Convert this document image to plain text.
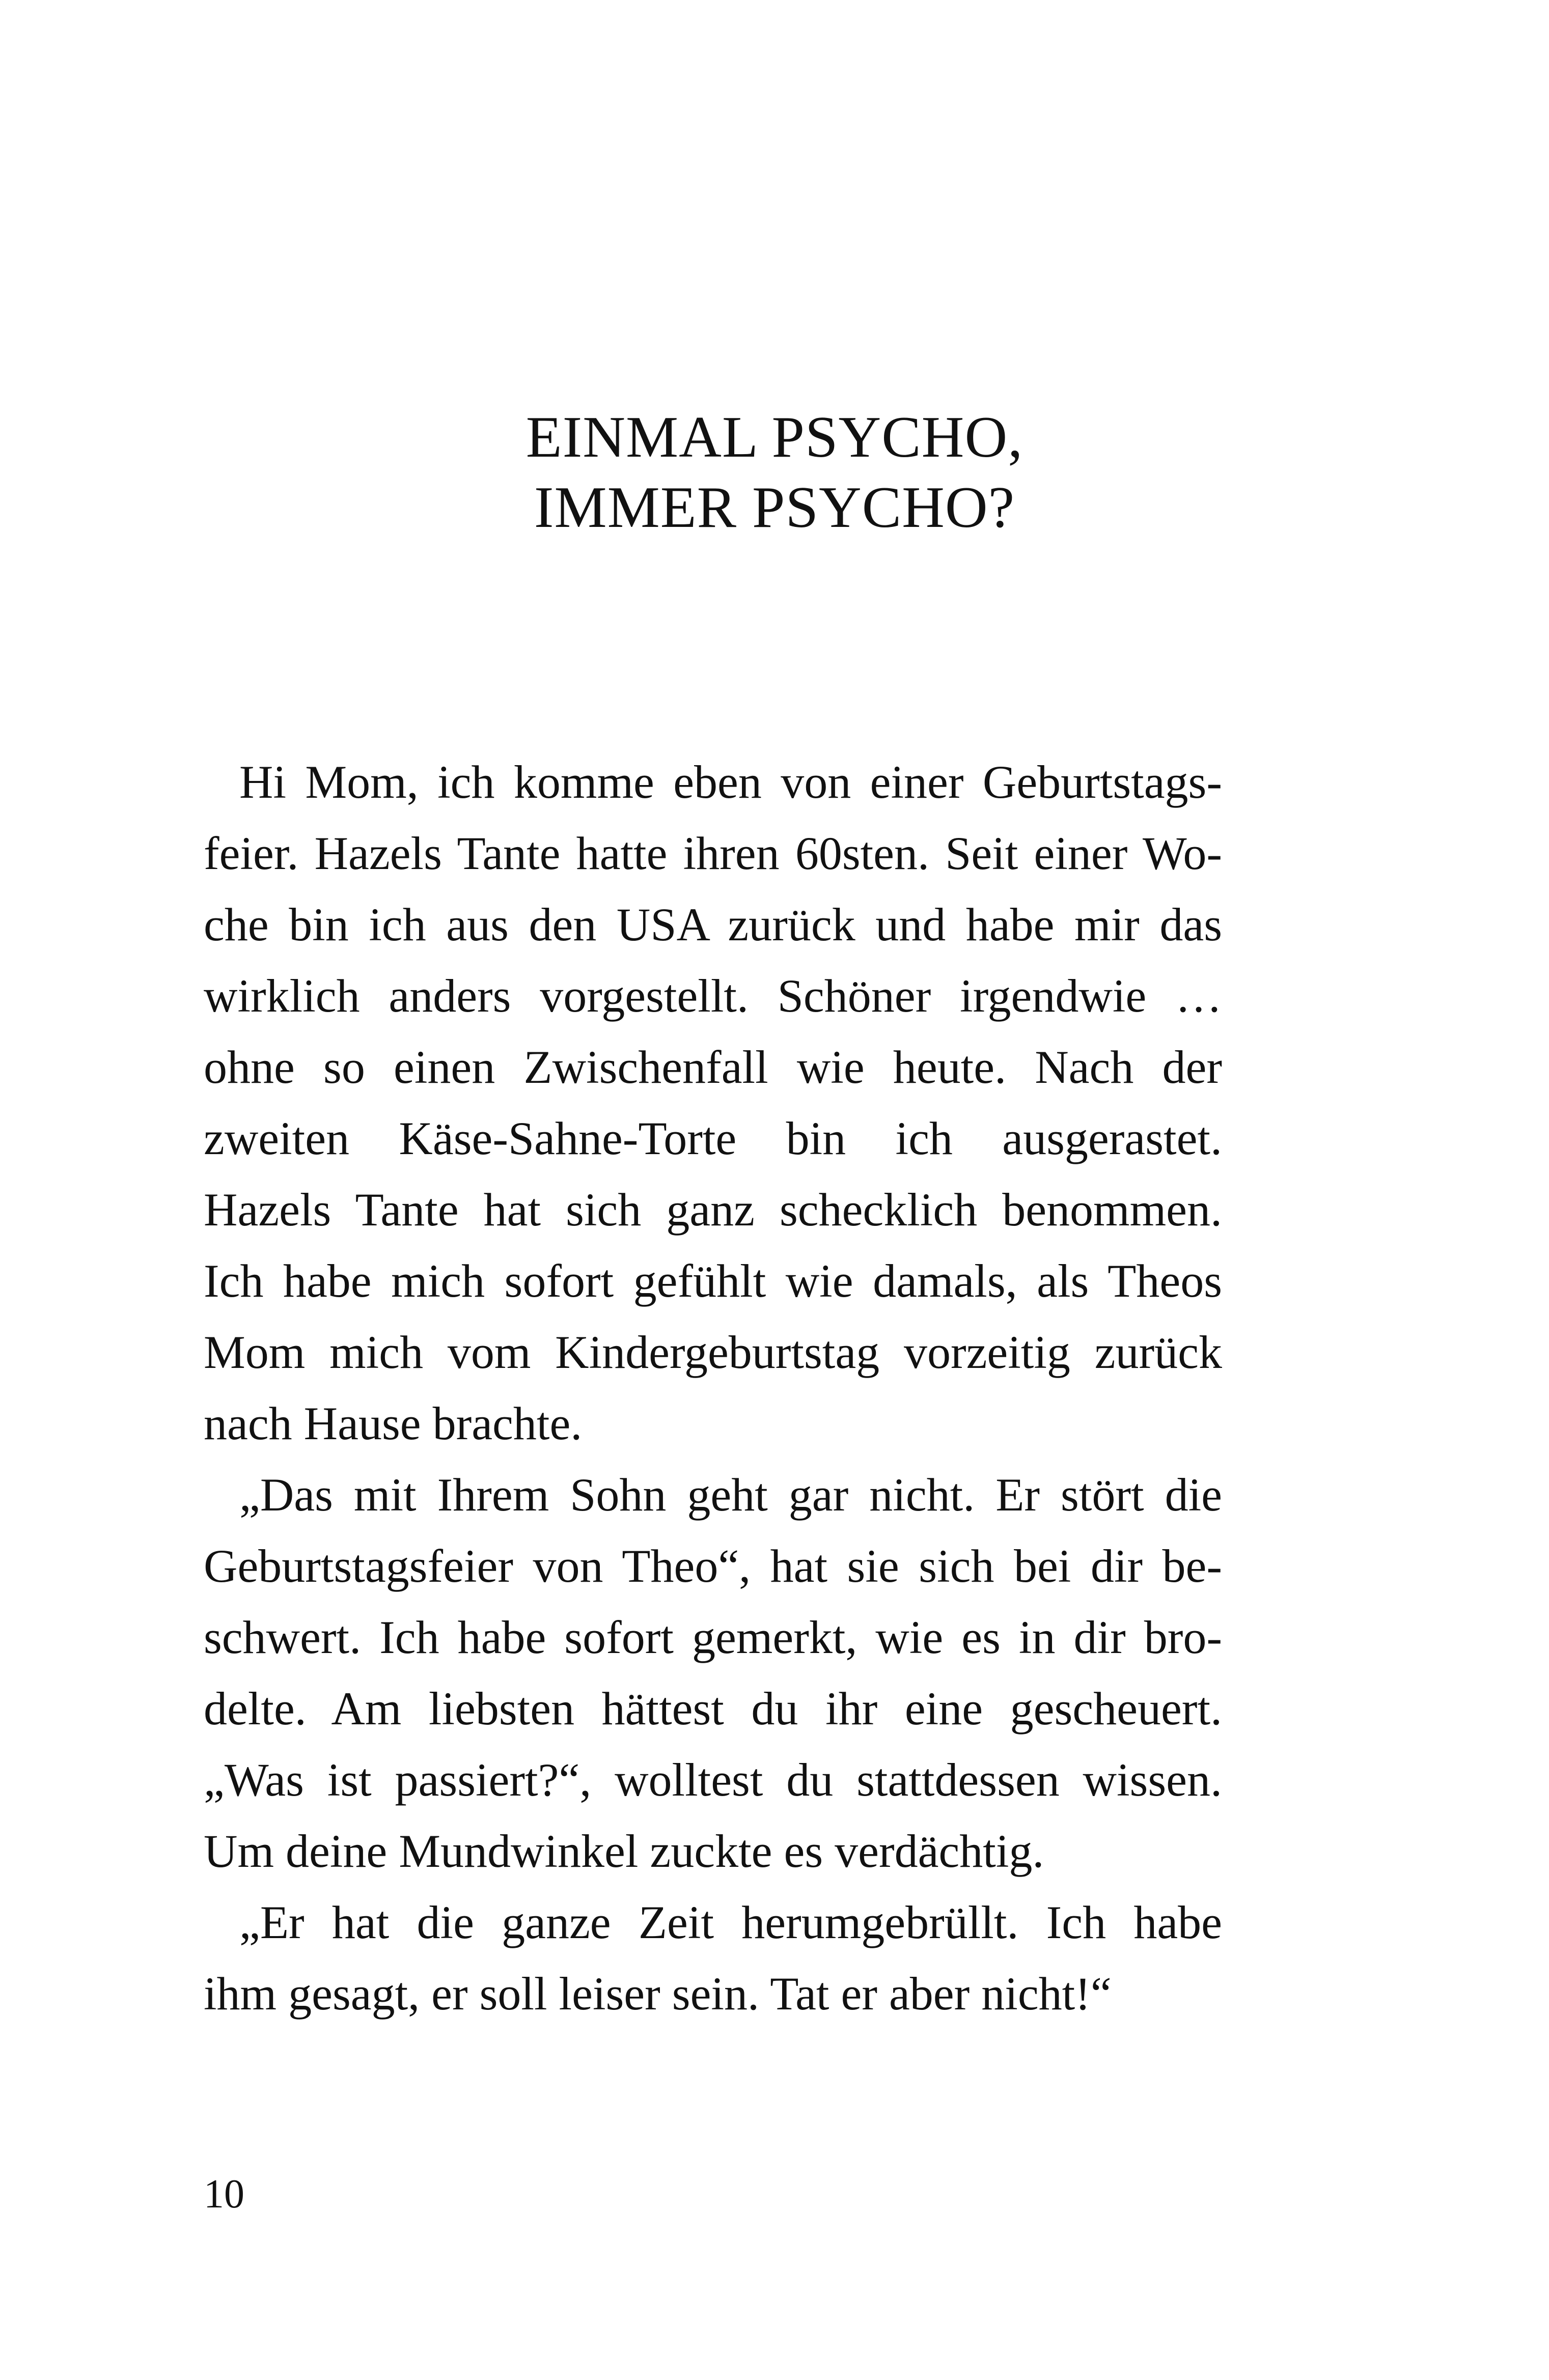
EINMAL PSYCHO,
IMMER PSYCHO?
Hi Mom, ich komme eben von einer Geburtstags-
feier. Hazels Tante hatte ihren 60sten. Seit einer Wo-
che bin ich aus den USA zurück und habe mir das
wirklich anders vorgestellt. Schöner irgendwie …
ohne so einen Zwischenfall wie heute. Nach der
zweiten Käse-Sahne-Torte bin ich ausgerastet.
Hazels Tante hat sich ganz schecklich benommen.
Ich habe mich sofort gefühlt wie damals, als Theos
Mom mich vom Kindergeburtstag vorzeitig zurück
nach Hause brachte.
„Das mit Ihrem Sohn geht gar nicht. Er stört die
Geburtstagsfeier von Theo“, hat sie sich bei dir be-
schwert. Ich habe sofort gemerkt, wie es in dir bro-
delte. Am liebsten hättest du ihr eine gescheuert.
„Was ist passiert?“, wolltest du stattdessen wissen.
Um deine Mundwinkel zuckte es verdächtig.
„Er hat die ganze Zeit herumgebrüllt. Ich habe
ihm gesagt, er soll leiser sein. Tat er aber nicht!“
10
